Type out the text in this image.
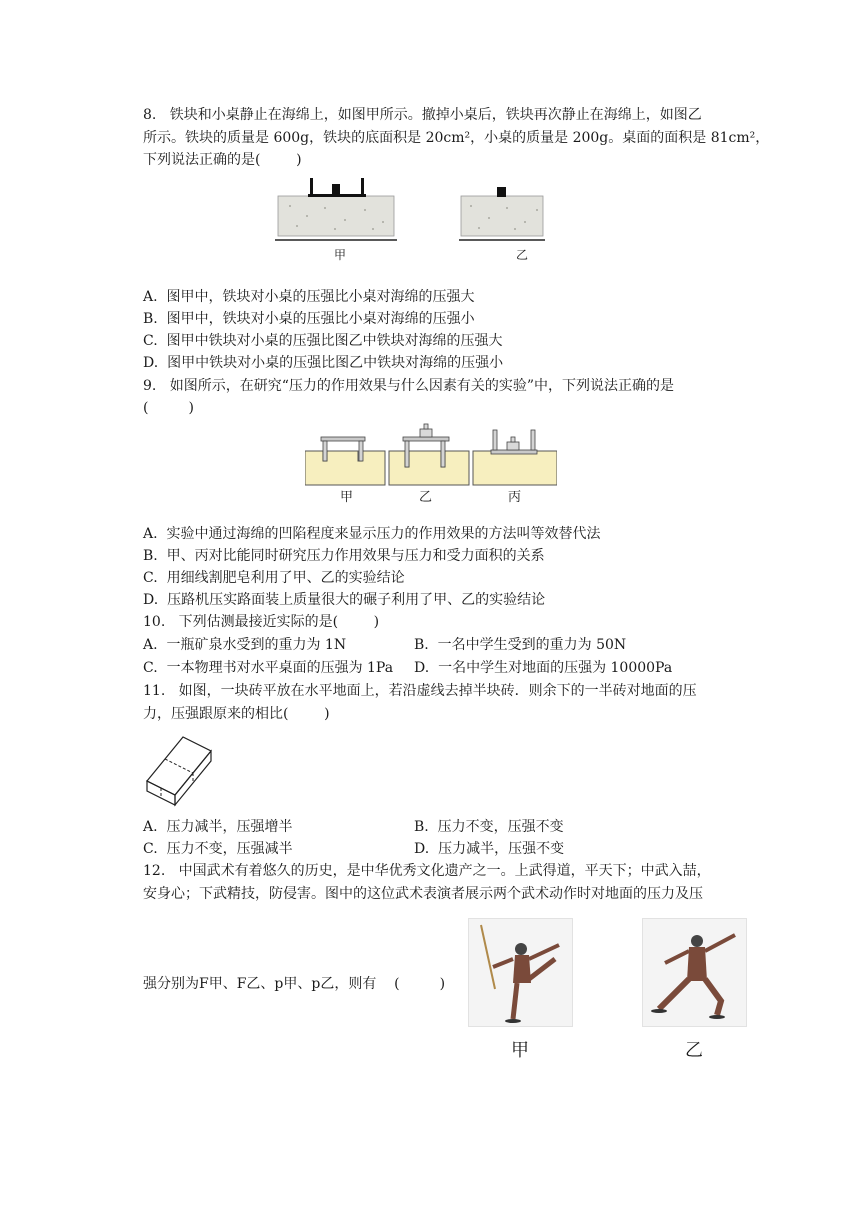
8.   铁块和小桌静止在海绵上，如图甲所示。撤掉小桌后，铁块再次静止在海绵上，如图乙
所示。铁块的质量是 600g，铁块的底面积是 20cm²，小桌的质量是 200g。桌面的面积是 81cm²，
下列说法正确的是(        )
甲	乙
A.  图甲中，铁块对小桌的压强比小桌对海绵的压强大
B.  图甲中，铁块对小桌的压强比小桌对海绵的压强小
C.  图甲中铁块对小桌的压强比图乙中铁块对海绵的压强大
D.  图甲中铁块对小桌的压强比图乙中铁块对海绵的压强小
9.   如图所示，在研究“压力的作用效果与什么因素有关的实验”中，下列说法正确的是
(         )
甲	乙	丙
A.  实验中通过海绵的凹陷程度来显示压力的作用效果的方法叫等效替代法
B.  甲、丙对比能同时研究压力作用效果与压力和受力面积的关系
C.  用细线割肥皂利用了甲、乙的实验结论
D.  压路机压实路面装上质量很大的碾子利用了甲、乙的实验结论
10.   下列估测最接近实际的是(        )
A.  一瓶矿泉水受到的重力为 1N	B.  一名中学生受到的重力为 50N
C.  一本物理书对水平桌面的压强为 1Pa D.  一名中学生对地面的压强为 10000Pa
11.   如图，一块砖平放在水平地面上，若沿虚线去掉半块砖．则余下的一半砖对地面的压
力，压强跟原来的相比(        )
A.  压力减半，压强增半	B.  压力不变，压强不变
C.  压力不变，压强减半	D.  压力减半，压强不变
12.   中国武术有着悠久的历史，是中华优秀文化遗产之一。上武得道，平天下；中武入喆，
安身心；下武精技，防侵害。图中的这位武术表演者展示两个武术动作时对地面的压力及压
强分别为F甲、F乙、p甲、p乙，则有    (         )
甲	乙
